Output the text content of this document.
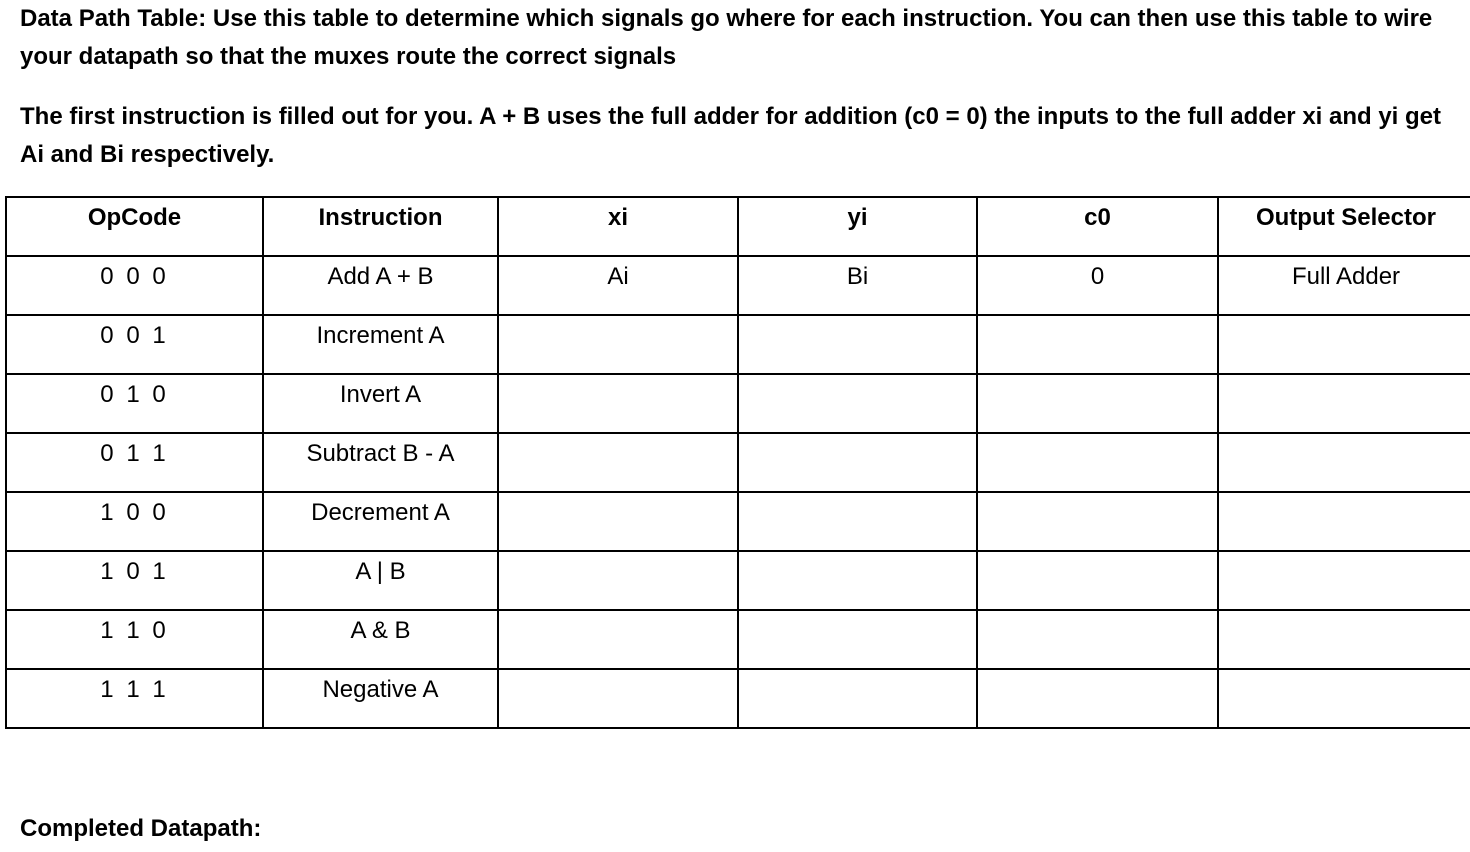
Data Path Table: Use this table to determine which signals go where for each instruction. You can then use this table to wire your datapath so that the muxes route the correct signals

The first instruction is filled out for you. A + B uses the full adder for addition (c0 = 0) the inputs to the full adder xi and yi get Ai and Bi respectively.

OpCode	Instruction	xi	yi	c0	Output Selector
0 0 0	Add A + B	Ai	Bi	0	Full Adder
0 0 1	Increment A				
0 1 0	Invert A				
0 1 1	Subtract B - A				
1 0 0	Decrement A				
1 0 1	A | B				
1 1 0	A & B				
1 1 1	Negative A				

Completed Datapath:
